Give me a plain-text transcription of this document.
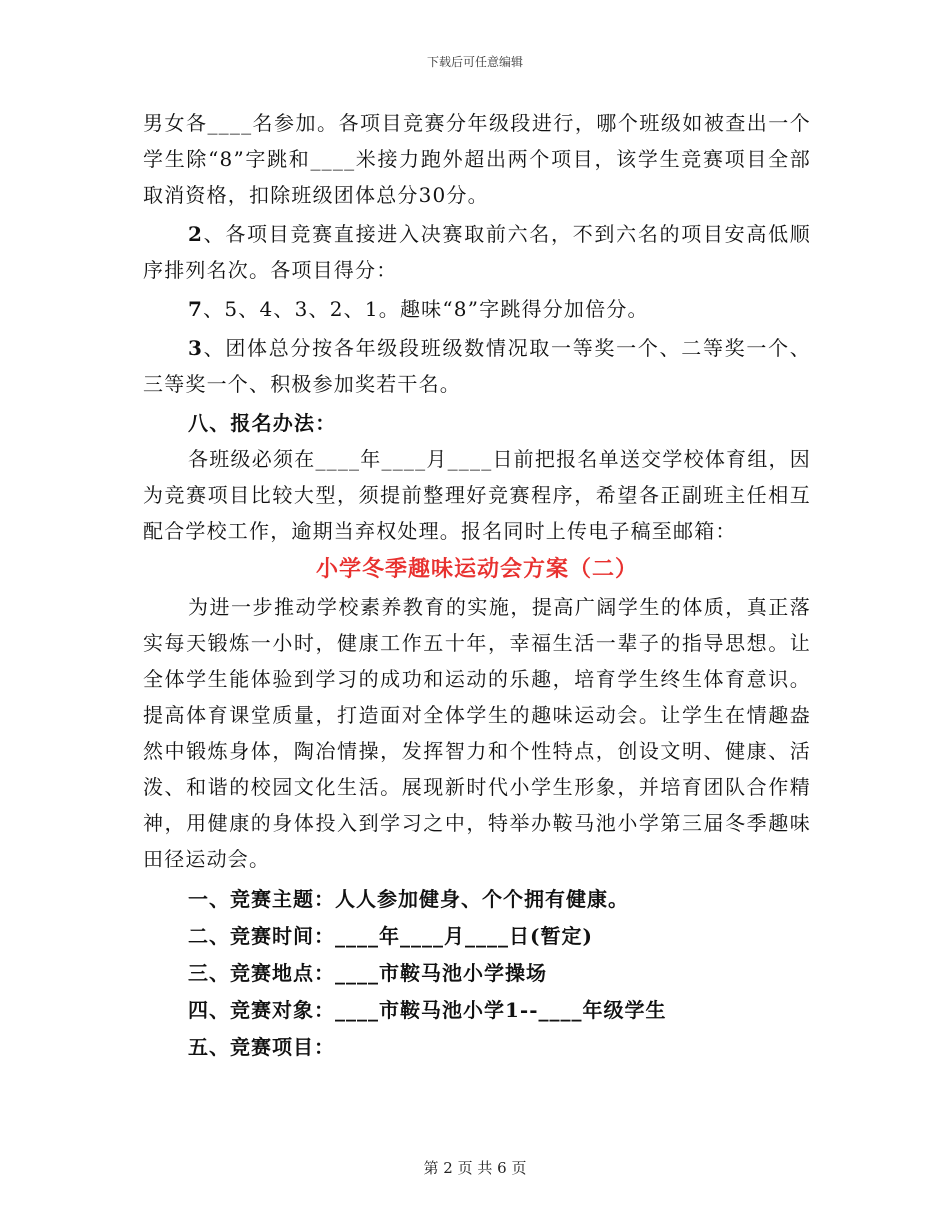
下载后可任意编辑

男女各____名参加。各项目竞赛分年级段进行，哪个班级如被查出一个学生除“8”字跳和____米接力跑外超出两个项目，该学生竞赛项目全部取消资格，扣除班级团体总分30分。

2、各项目竞赛直接进入决赛取前六名，不到六名的项目安高低顺序排列名次。各项目得分：

7、5、4、3、2、1。趣味“8”字跳得分加倍分。

3、团体总分按各年级段班级数情况取一等奖一个、二等奖一个、三等奖一个、积极参加奖若干名。

八、报名办法：

各班级必须在____年____月____日前把报名单送交学校体育组，因为竞赛项目比较大型，须提前整理好竞赛程序，希望各正副班主任相互配合学校工作，逾期当弃权处理。报名同时上传电子稿至邮箱：

小学冬季趣味运动会方案（二）

为进一步推动学校素养教育的实施，提高广阔学生的体质，真正落实每天锻炼一小时，健康工作五十年，幸福生活一辈子的指导思想。让全体学生能体验到学习的成功和运动的乐趣，培育学生终生体育意识。提高体育课堂质量，打造面对全体学生的趣味运动会。让学生在情趣盎然中锻炼身体，陶冶情操，发挥智力和个性特点，创设文明、健康、活泼、和谐的校园文化生活。展现新时代小学生形象，并培育团队合作精神，用健康的身体投入到学习之中，特举办鞍马池小学第三届冬季趣味田径运动会。

一、竞赛主题：人人参加健身、个个拥有健康。

二、竞赛时间：____年____月____日(暂定)

三、竞赛地点：____市鞍马池小学操场

四、竞赛对象：____市鞍马池小学1--____年级学生

五、竞赛项目：

第 2 页 共 6 页
